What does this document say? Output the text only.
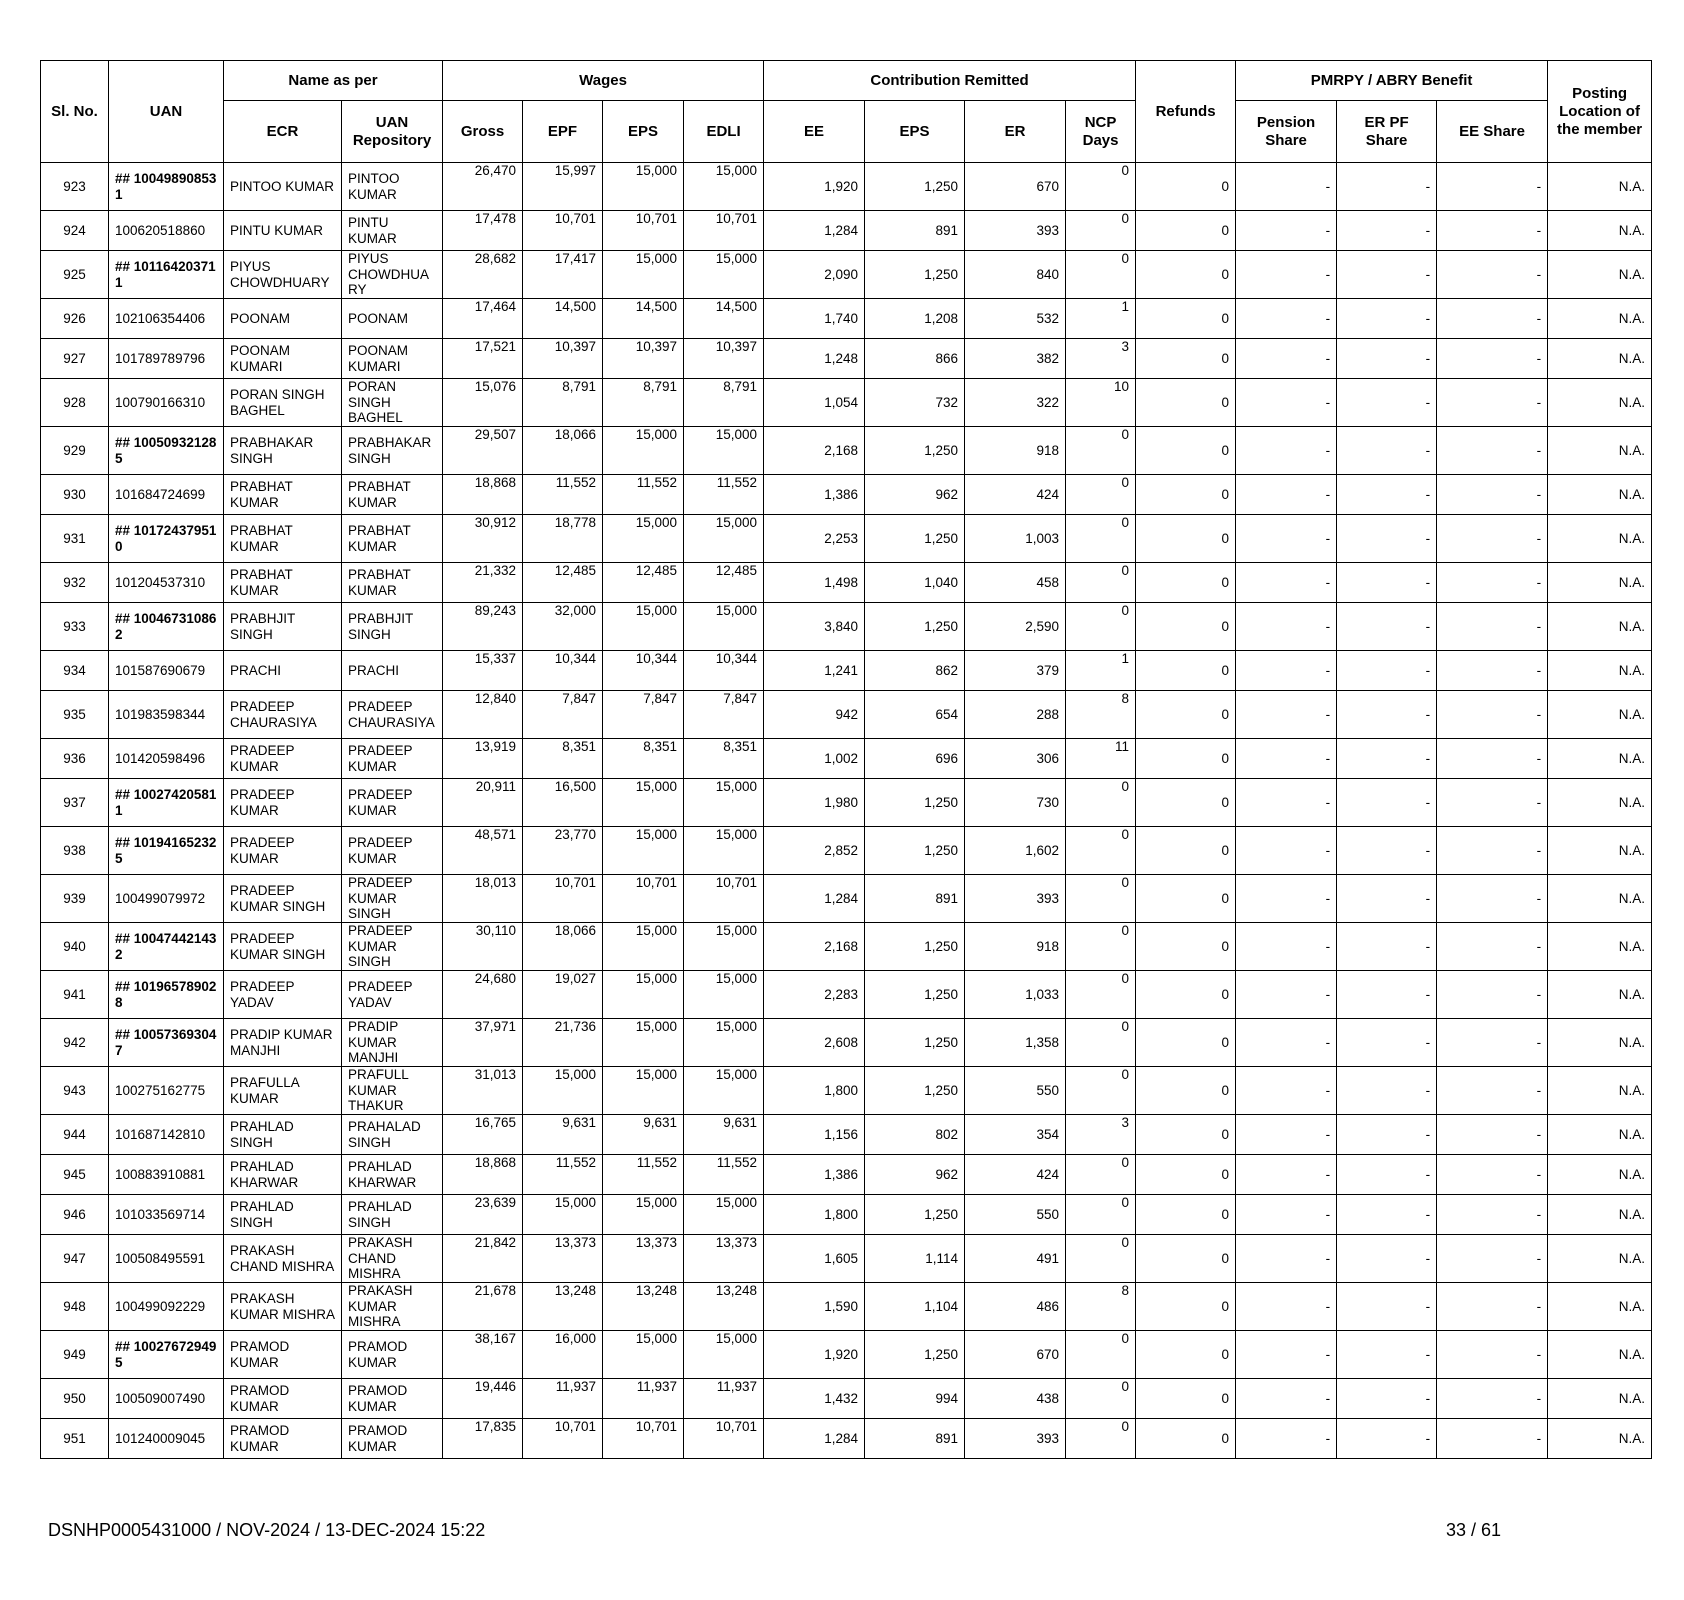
Sl. No.	UAN	Name as per		Wages				Contribution Remitted				Refunds	PMRPY / ABRY Benefit			Posting Location of the member
		ECR	UAN Repository	Gross	EPF	EPS	EDLI	EE	EPS	ER	NCP Days		Pension Share	ER PF Share	EE Share	
923	## 10049890853 1	PINTOO KUMAR	PINTOO KUMAR	26,470	15,997	15,000	15,000	1,920	1,250	670	0	0	-	-	-	N.A.
924	100620518860	PINTU KUMAR	PINTU KUMAR	17,478	10,701	10,701	10,701	1,284	891	393	0	0	-	-	-	N.A.
925	## 10116420371 1	PIYUS CHOWDHUARY	PIYUS CHOWDHUA RY	28,682	17,417	15,000	15,000	2,090	1,250	840	0	0	-	-	-	N.A.
926	102106354406	POONAM	POONAM	17,464	14,500	14,500	14,500	1,740	1,208	532	1	0	-	-	-	N.A.
927	101789789796	POONAM KUMARI	POONAM KUMARI	17,521	10,397	10,397	10,397	1,248	866	382	3	0	-	-	-	N.A.
928	100790166310	PORAN SINGH BAGHEL	PORAN SINGH BAGHEL	15,076	8,791	8,791	8,791	1,054	732	322	10	0	-	-	-	N.A.
929	## 10050932128 5	PRABHAKAR SINGH	PRABHAKAR SINGH	29,507	18,066	15,000	15,000	2,168	1,250	918	0	0	-	-	-	N.A.
930	101684724699	PRABHAT KUMAR	PRABHAT KUMAR	18,868	11,552	11,552	11,552	1,386	962	424	0	0	-	-	-	N.A.
931	## 10172437951 0	PRABHAT KUMAR	PRABHAT KUMAR	30,912	18,778	15,000	15,000	2,253	1,250	1,003	0	0	-	-	-	N.A.
932	101204537310	PRABHAT KUMAR	PRABHAT KUMAR	21,332	12,485	12,485	12,485	1,498	1,040	458	0	0	-	-	-	N.A.
933	## 10046731086 2	PRABHJIT SINGH	PRABHJIT SINGH	89,243	32,000	15,000	15,000	3,840	1,250	2,590	0	0	-	-	-	N.A.
934	101587690679	PRACHI	PRACHI	15,337	10,344	10,344	10,344	1,241	862	379	1	0	-	-	-	N.A.
935	101983598344	PRADEEP CHAURASIYA	PRADEEP CHAURASIYA	12,840	7,847	7,847	7,847	942	654	288	8	0	-	-	-	N.A.
936	101420598496	PRADEEP KUMAR	PRADEEP KUMAR	13,919	8,351	8,351	8,351	1,002	696	306	11	0	-	-	-	N.A.
937	## 10027420581 1	PRADEEP KUMAR	PRADEEP KUMAR	20,911	16,500	15,000	15,000	1,980	1,250	730	0	0	-	-	-	N.A.
938	## 10194165232 5	PRADEEP KUMAR	PRADEEP KUMAR	48,571	23,770	15,000	15,000	2,852	1,250	1,602	0	0	-	-	-	N.A.
939	100499079972	PRADEEP KUMAR SINGH	PRADEEP KUMAR SINGH	18,013	10,701	10,701	10,701	1,284	891	393	0	0	-	-	-	N.A.
940	## 10047442143 2	PRADEEP KUMAR SINGH	PRADEEP KUMAR SINGH	30,110	18,066	15,000	15,000	2,168	1,250	918	0	0	-	-	-	N.A.
941	## 10196578902 8	PRADEEP YADAV	PRADEEP YADAV	24,680	19,027	15,000	15,000	2,283	1,250	1,033	0	0	-	-	-	N.A.
942	## 10057369304 7	PRADIP KUMAR MANJHI	PRADIP KUMAR MANJHI	37,971	21,736	15,000	15,000	2,608	1,250	1,358	0	0	-	-	-	N.A.
943	100275162775	PRAFULLA KUMAR	PRAFULL KUMAR THAKUR	31,013	15,000	15,000	15,000	1,800	1,250	550	0	0	-	-	-	N.A.
944	101687142810	PRAHLAD SINGH	PRAHALAD SINGH	16,765	9,631	9,631	9,631	1,156	802	354	3	0	-	-	-	N.A.
945	100883910881	PRAHLAD KHARWAR	PRAHLAD KHARWAR	18,868	11,552	11,552	11,552	1,386	962	424	0	0	-	-	-	N.A.
946	101033569714	PRAHLAD SINGH	PRAHLAD SINGH	23,639	15,000	15,000	15,000	1,800	1,250	550	0	0	-	-	-	N.A.
947	100508495591	PRAKASH CHAND MISHRA	PRAKASH CHAND MISHRA	21,842	13,373	13,373	13,373	1,605	1,114	491	0	0	-	-	-	N.A.
948	100499092229	PRAKASH KUMAR MISHRA	PRAKASH KUMAR MISHRA	21,678	13,248	13,248	13,248	1,590	1,104	486	8	0	-	-	-	N.A.
949	## 10027672949 5	PRAMOD KUMAR	PRAMOD KUMAR	38,167	16,000	15,000	15,000	1,920	1,250	670	0	0	-	-	-	N.A.
950	100509007490	PRAMOD KUMAR	PRAMOD KUMAR	19,446	11,937	11,937	11,937	1,432	994	438	0	0	-	-	-	N.A.
951	101240009045	PRAMOD KUMAR	PRAMOD KUMAR	17,835	10,701	10,701	10,701	1,284	891	393	0	0	-	-	-	N.A.
DSNHP0005431000 / NOV-2024 / 13-DEC-2024 15:22	33 / 61
